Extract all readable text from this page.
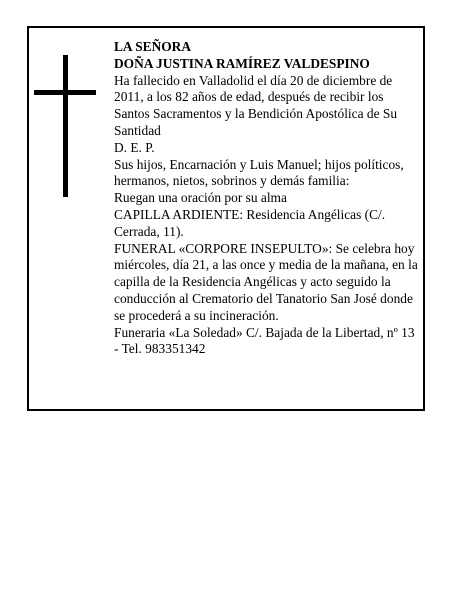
LA SEÑORA

DOÑA JUSTINA RAMÍREZ VALDESPINO

Ha fallecido en Valladolid el día 20 de diciembre de 2011, a los 82 años de edad, después de recibir los Santos Sacramentos y la Bendición Apostólica de Su Santidad

D. E. P.

Sus hijos, Encarnación y Luis Manuel; hijos políticos, hermanos, nietos, sobrinos y demás familia:

Ruegan una oración por su alma

CAPILLA ARDIENTE: Residencia Angélicas (C/. Cerrada, 11).

FUNERAL «CORPORE INSEPULTO»: Se celebra hoy miércoles, día 21, a las once y media de la mañana, en la capilla de la Residencia Angélicas y acto seguido la conducción al Crematorio del Tanatorio San José donde se procederá a su incineración.

Funeraria «La Soledad» C/. Bajada de la Libertad, nº 13 - Tel. 983351342
